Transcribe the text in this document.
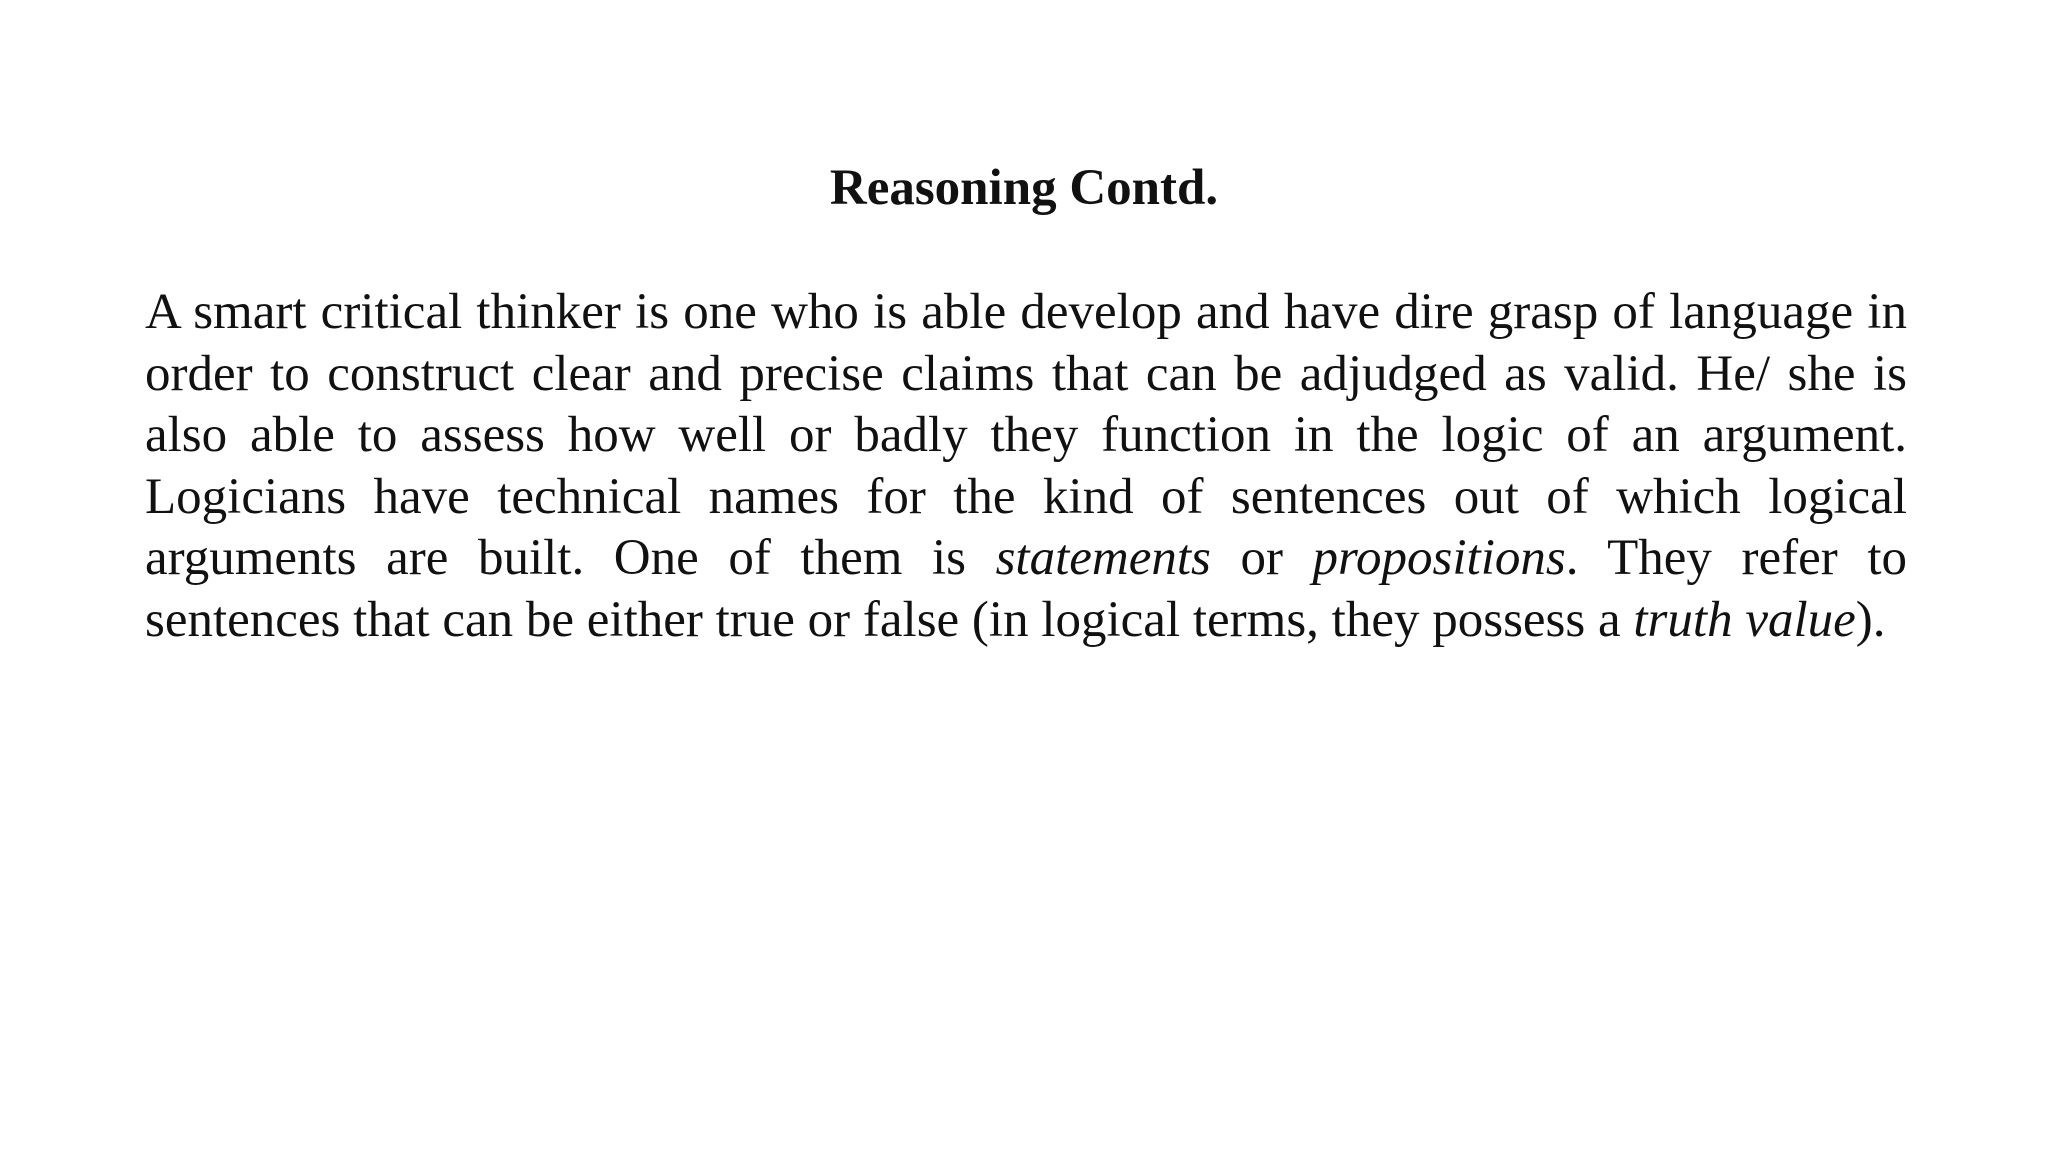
Reasoning Contd.

A smart critical thinker is one who is able develop and have dire grasp of language in order to construct clear and precise claims that can be adjudged as valid. He/ she is also able to assess how well or badly they function in the logic of an argument. Logicians have technical names for the kind of sentences out of which logical arguments are built. One of them is statements or propositions. They refer to sentences that can be either true or false (in logical terms, they possess a truth value).
